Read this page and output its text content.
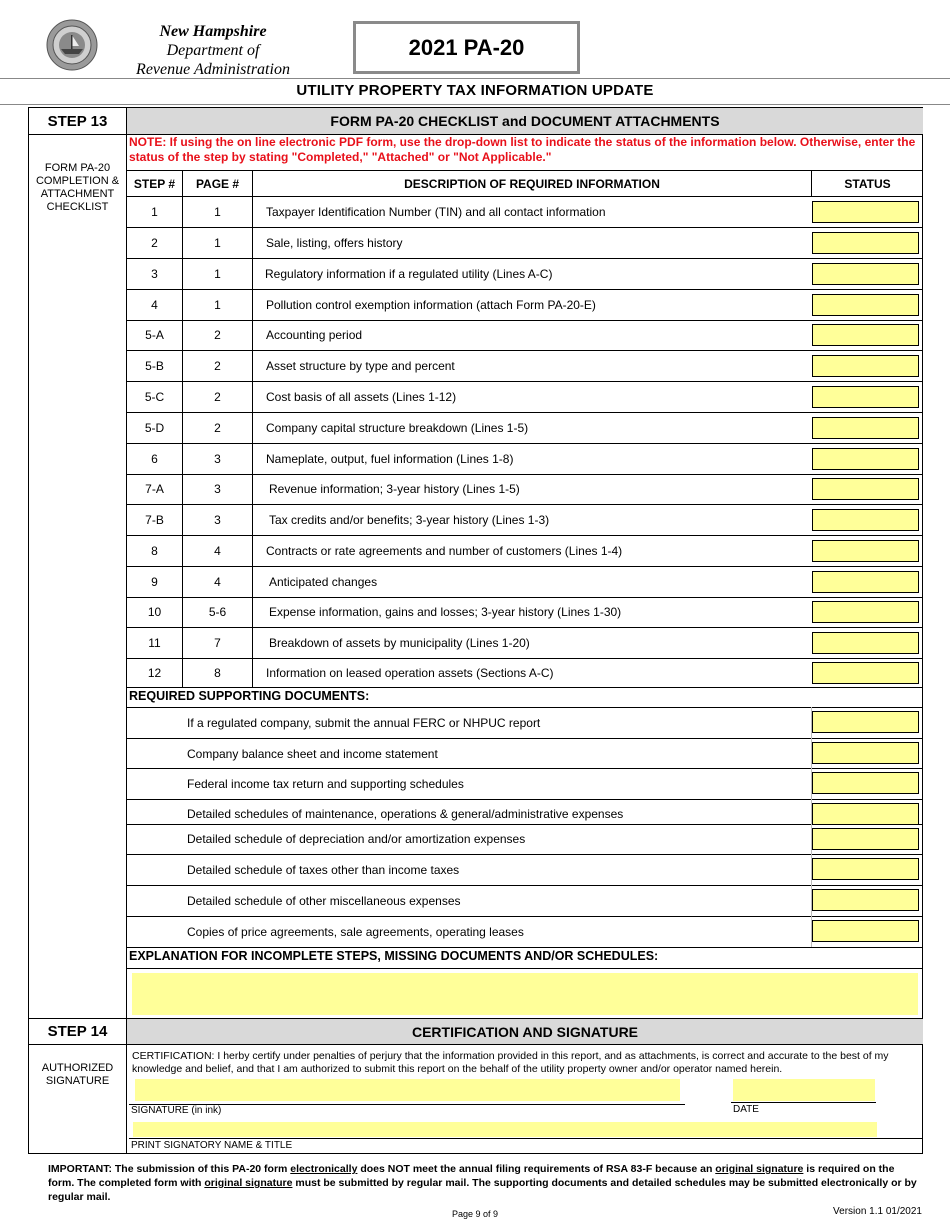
New Hampshire
Department of
Revenue Administration
2021 PA-20
UTILITY PROPERTY TAX INFORMATION UPDATE
STEP 13	FORM PA-20 CHECKLIST and DOCUMENT ATTACHMENTS
FORM PA-20
COMPLETION &
ATTACHMENT
CHECKLIST
NOTE: If using the on line electronic PDF form, use the drop-down list to indicate the status of the information below. Otherwise, enter the status of the step by stating "Completed," "Attached" or "Not Applicable."
STEP #	PAGE #	DESCRIPTION OF REQUIRED INFORMATION	STATUS
1	1	Taxpayer Identification Number (TIN) and all contact information
2	1	Sale, listing, offers history
3	1	Regulatory information if a regulated utility (Lines A-C)
4	1	Pollution control exemption information (attach Form PA-20-E)
5-A	2	Accounting period
5-B	2	Asset structure by type and percent
5-C	2	Cost basis of all assets (Lines 1-12)
5-D	2	Company capital structure breakdown (Lines 1-5)
6	3	Nameplate, output, fuel information (Lines 1-8)
7-A	3	Revenue information; 3-year history (Lines 1-5)
7-B	3	Tax credits and/or benefits; 3-year history (Lines 1-3)
8	4	Contracts or rate agreements and number of customers (Lines 1-4)
9	4	Anticipated changes
10	5-6	Expense information, gains and losses; 3-year history (Lines 1-30)
11	7	Breakdown of assets by municipality (Lines 1-20)
12	8	Information on leased operation assets (Sections A-C)
REQUIRED SUPPORTING DOCUMENTS:
If a regulated company, submit the annual FERC or NHPUC report
Company balance sheet and income statement
Federal income tax return and supporting schedules
Detailed schedules of maintenance, operations & general/administrative expenses
Detailed schedule of depreciation and/or amortization expenses
Detailed schedule of taxes other than income taxes
Detailed schedule of other miscellaneous expenses
Copies of price agreements, sale agreements, operating leases
EXPLANATION FOR INCOMPLETE STEPS, MISSING DOCUMENTS AND/OR SCHEDULES:
STEP 14	CERTIFICATION AND SIGNATURE
AUTHORIZED
SIGNATURE
CERTIFICATION: I herby certify under penalties of perjury that the information provided in this report, and as attachments, is correct and accurate to the best of my knowledge and belief, and that I am authorized to submit this report on the behalf of the utility property owner and/or operator named herein.
SIGNATURE (in ink)	DATE
PRINT SIGNATORY NAME & TITLE
IMPORTANT: The submission of this PA-20 form electronically does NOT meet the annual filing requirements of RSA 83-F because an original signature is required on the form. The completed form with original signature must be submitted by regular mail. The supporting documents and detailed schedules may be submitted electronically or by regular mail.
Page 9 of 9	Version 1.1 01/2021
